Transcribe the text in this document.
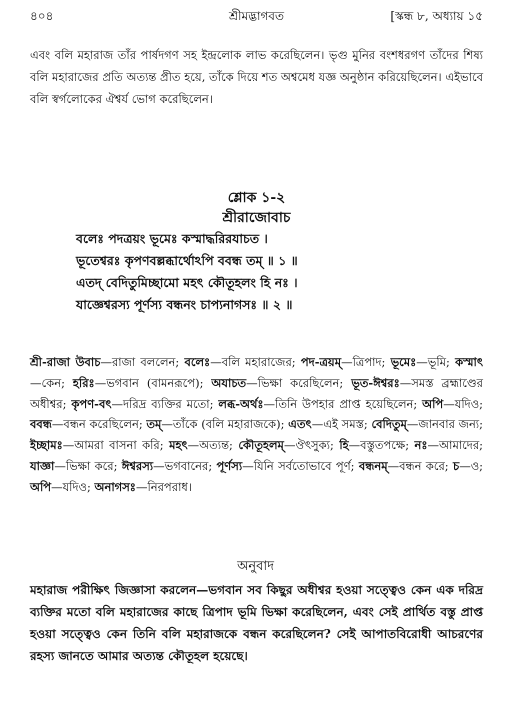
৪০৪	শ্রীমদ্ভাগবত	[স্কন্ধ ৮, অধ্যায় ১৫

এবং বলি মহারাজ তাঁর পার্ষদগণ সহ ইন্দ্রলোক লাভ করেছিলেন। ভৃগু মুনির বংশধরগণ তাঁদের শিষ্য বলি মহারাজের প্রতি অত্যন্ত প্রীত হয়ে, তাঁকে দিয়ে শত অশ্বমেধ যজ্ঞ অনুষ্ঠান করিয়েছিলেন। এইভাবে বলি স্বর্গলোকের ঐশ্বর্য ভোগ করেছিলেন।

শ্লোক ১-২

শ্রীরাজোবাচ

বলেঃ পদত্রয়ং ভূমেঃ কস্মাদ্ধরিরযাচত ।

ভূতেশ্বরঃ কৃপণবল্লব্ধার্থোঽপি ববন্ধ তম্ ॥ ১ ॥

এতদ্ বেদিতুমিচ্ছামো মহৎ কৌতূহলং হি নঃ ।

যাজ্ঞেশ্বরস্য পূর্ণস্য বন্ধনং চাপ্যনাগসঃ ॥ ২ ॥

শ্রী-রাজা উবাচ—রাজা বললেন; বলেঃ—বলি মহারাজের; পদ-ত্রয়ম্—ত্রিপাদ; ভূমেঃ—ভূমি; কস্মাৎ—কেন; হরিঃ—ভগবান (বামনরূপে); অযাচত—ভিক্ষা করেছিলেন; ভূত-ঈশ্বরঃ—সমস্ত ব্রহ্মাণ্ডের অধীশ্বর; কৃপণ-বৎ—দরিদ্র ব্যক্তির মতো; লব্ধ-অর্থঃ—তিনি উপহার প্রাপ্ত হয়েছিলেন; অপি—যদিও; ববন্ধ—বন্ধন করেছিলেন; তম্—তাঁকে (বলি মহারাজকে); এতৎ—এই সমস্ত; বেদিতুম্—জানবার জন্য; ইচ্ছামঃ—আমরা বাসনা করি; মহৎ—অত্যন্ত; কৌতূহলম্—ঔৎসুক্য; হি—বস্তুতপক্ষে; নঃ—আমাদের; যাজ্ঞা—ভিক্ষা করে; ঈশ্বরস্য—ভগবানের; পূর্ণস্য—যিনি সর্বতোভাবে পূর্ণ; বন্ধনম্—বন্ধন করে; চ—ও; অপি—যদিও; অনাগসঃ—নিরপরাধ।

অনুবাদ

মহারাজ পরীক্ষিৎ জিজ্ঞাসা করলেন—ভগবান সব কিছুর অধীশ্বর হওয়া সত্ত্বেও কেন এক দরিদ্র ব্যক্তির মতো বলি মহারাজের কাছে ত্রিপাদ ভূমি ভিক্ষা করেছিলেন, এবং সেই প্রার্থিত বস্তু প্রাপ্ত হওয়া সত্ত্বেও কেন তিনি বলি মহারাজকে বন্ধন করেছিলেন? সেই আপাতবিরোধী আচরণের রহস্য জানতে আমার অত্যন্ত কৌতূহল হয়েছে।
